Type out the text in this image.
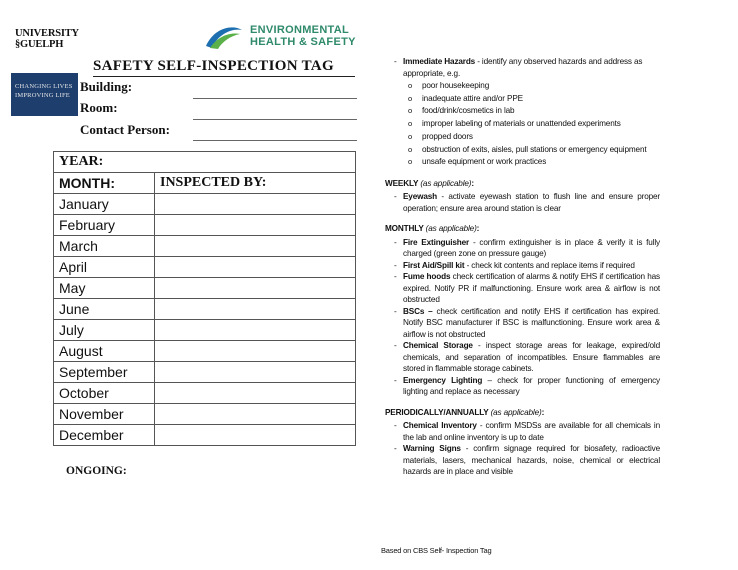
UNIVERSITY
§GUELPH
CHANGING LIVES
IMPROVING LIFE
ENVIRONMENTAL
HEALTH & SAFETY
SAFETY SELF-INSPECTION TAG
Building:
Room:
Contact Person:
YEAR:	
MONTH:	INSPECTED BY:
January	
February	
March	
April	
May	
June	
July	
August	
September	
October	
November	
December	
ONGOING:
- Immediate Hazards - identify any observed hazards and address as appropriate, e.g.
o poor housekeeping
o inadequate attire and/or PPE
o food/drink/cosmetics in lab
o improper labeling of materials or unattended experiments
o propped doors
o obstruction of exits, aisles, pull stations or emergency equipment
o unsafe equipment or work practices
WEEKLY (as applicable):
- Eyewash - activate eyewash station to flush line and ensure proper operation; ensure area around station is clear
MONTHLY (as applicable):
- Fire Extinguisher - confirm extinguisher is in place & verify it is fully charged (green zone on pressure gauge)
- First Aid/Spill kit - check kit contents and replace items if required
- Fume hoods check certification of alarms & notify EHS if certification has expired. Notify PR if malfunctioning. Ensure work area & airflow is not obstructed
- BSCs – check certification and notify EHS if certification has expired. Notify BSC manufacturer if BSC is malfunctioning. Ensure work area & airflow is not obstructed
- Chemical Storage - inspect storage areas for leakage, expired/old chemicals, and separation of incompatibles. Ensure flammables are stored in flammable storage cabinets.
- Emergency Lighting – check for proper functioning of emergency lighting and replace as necessary
PERIODICALLY/ANNUALLY (as applicable):
- Chemical Inventory - confirm MSDSs are available for all chemicals in the lab and online inventory is up to date
- Warning Signs - confirm signage required for biosafety, radioactive materials, lasers, mechanical hazards, noise, chemical or electrical hazards are in place and visible
Based on CBS Self- Inspection Tag
